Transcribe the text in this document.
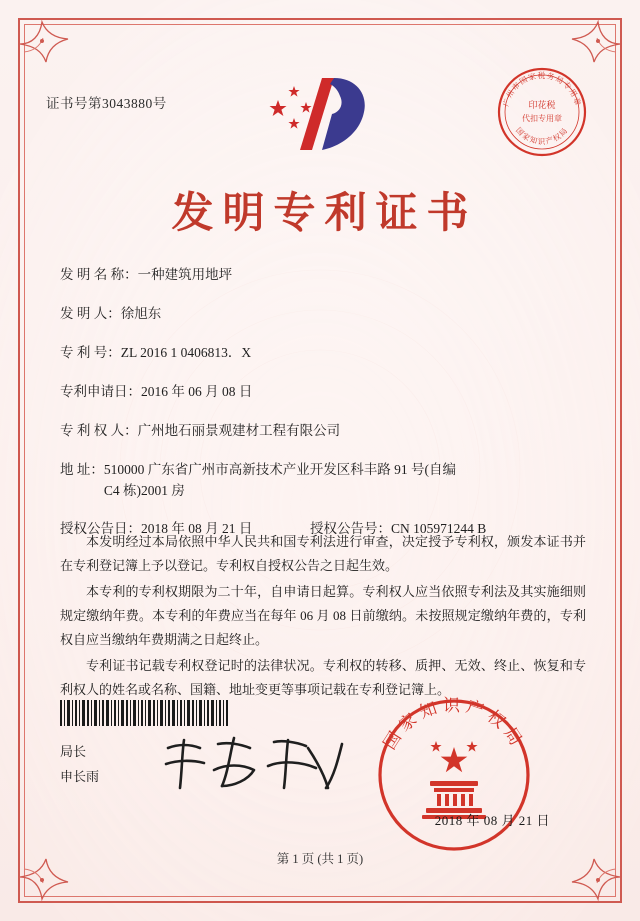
证书号第3043880号	广州市国家税务局专用章
国家知识产权局
印花税
代扣专用章
发明专利证书
发 明 名 称： 一种建筑用地坪
发 明 人： 徐旭东
专 利 号： ZL 2016 1 0406813．X
专利申请日： 2016 年 06 月 08 日
专 利 权 人： 广州地石丽景观建材工程有限公司
地 址： 510000 广东省广州市高新技术产业开发区科丰路 91 号(自编
C4 栋)2001 房
授权公告日： 2018 年 08 月 21 日	授权公告号： CN 105971244 B

本发明经过本局依照中华人民共和国专利法进行审查，决定授予专利权，颁发本证书并在专利登记簿上予以登记。专利权自授权公告之日起生效。

本专利的专利权期限为二十年，自申请日起算。专利权人应当依照专利法及其实施细则规定缴纳年费。本专利的年费应当在每年 06 月 08 日前缴纳。未按照规定缴纳年费的，专利权自应当缴纳年费期满之日起终止。

专利证书记载专利权登记时的法律状况。专利权的转移、质押、无效、终止、恢复和专利权人的姓名或名称、国籍、地址变更等事项记载在专利登记簿上。

局长
申长雨
国家知识产权局
2018 年 08 月 21 日
第 1 页 (共 1 页)
